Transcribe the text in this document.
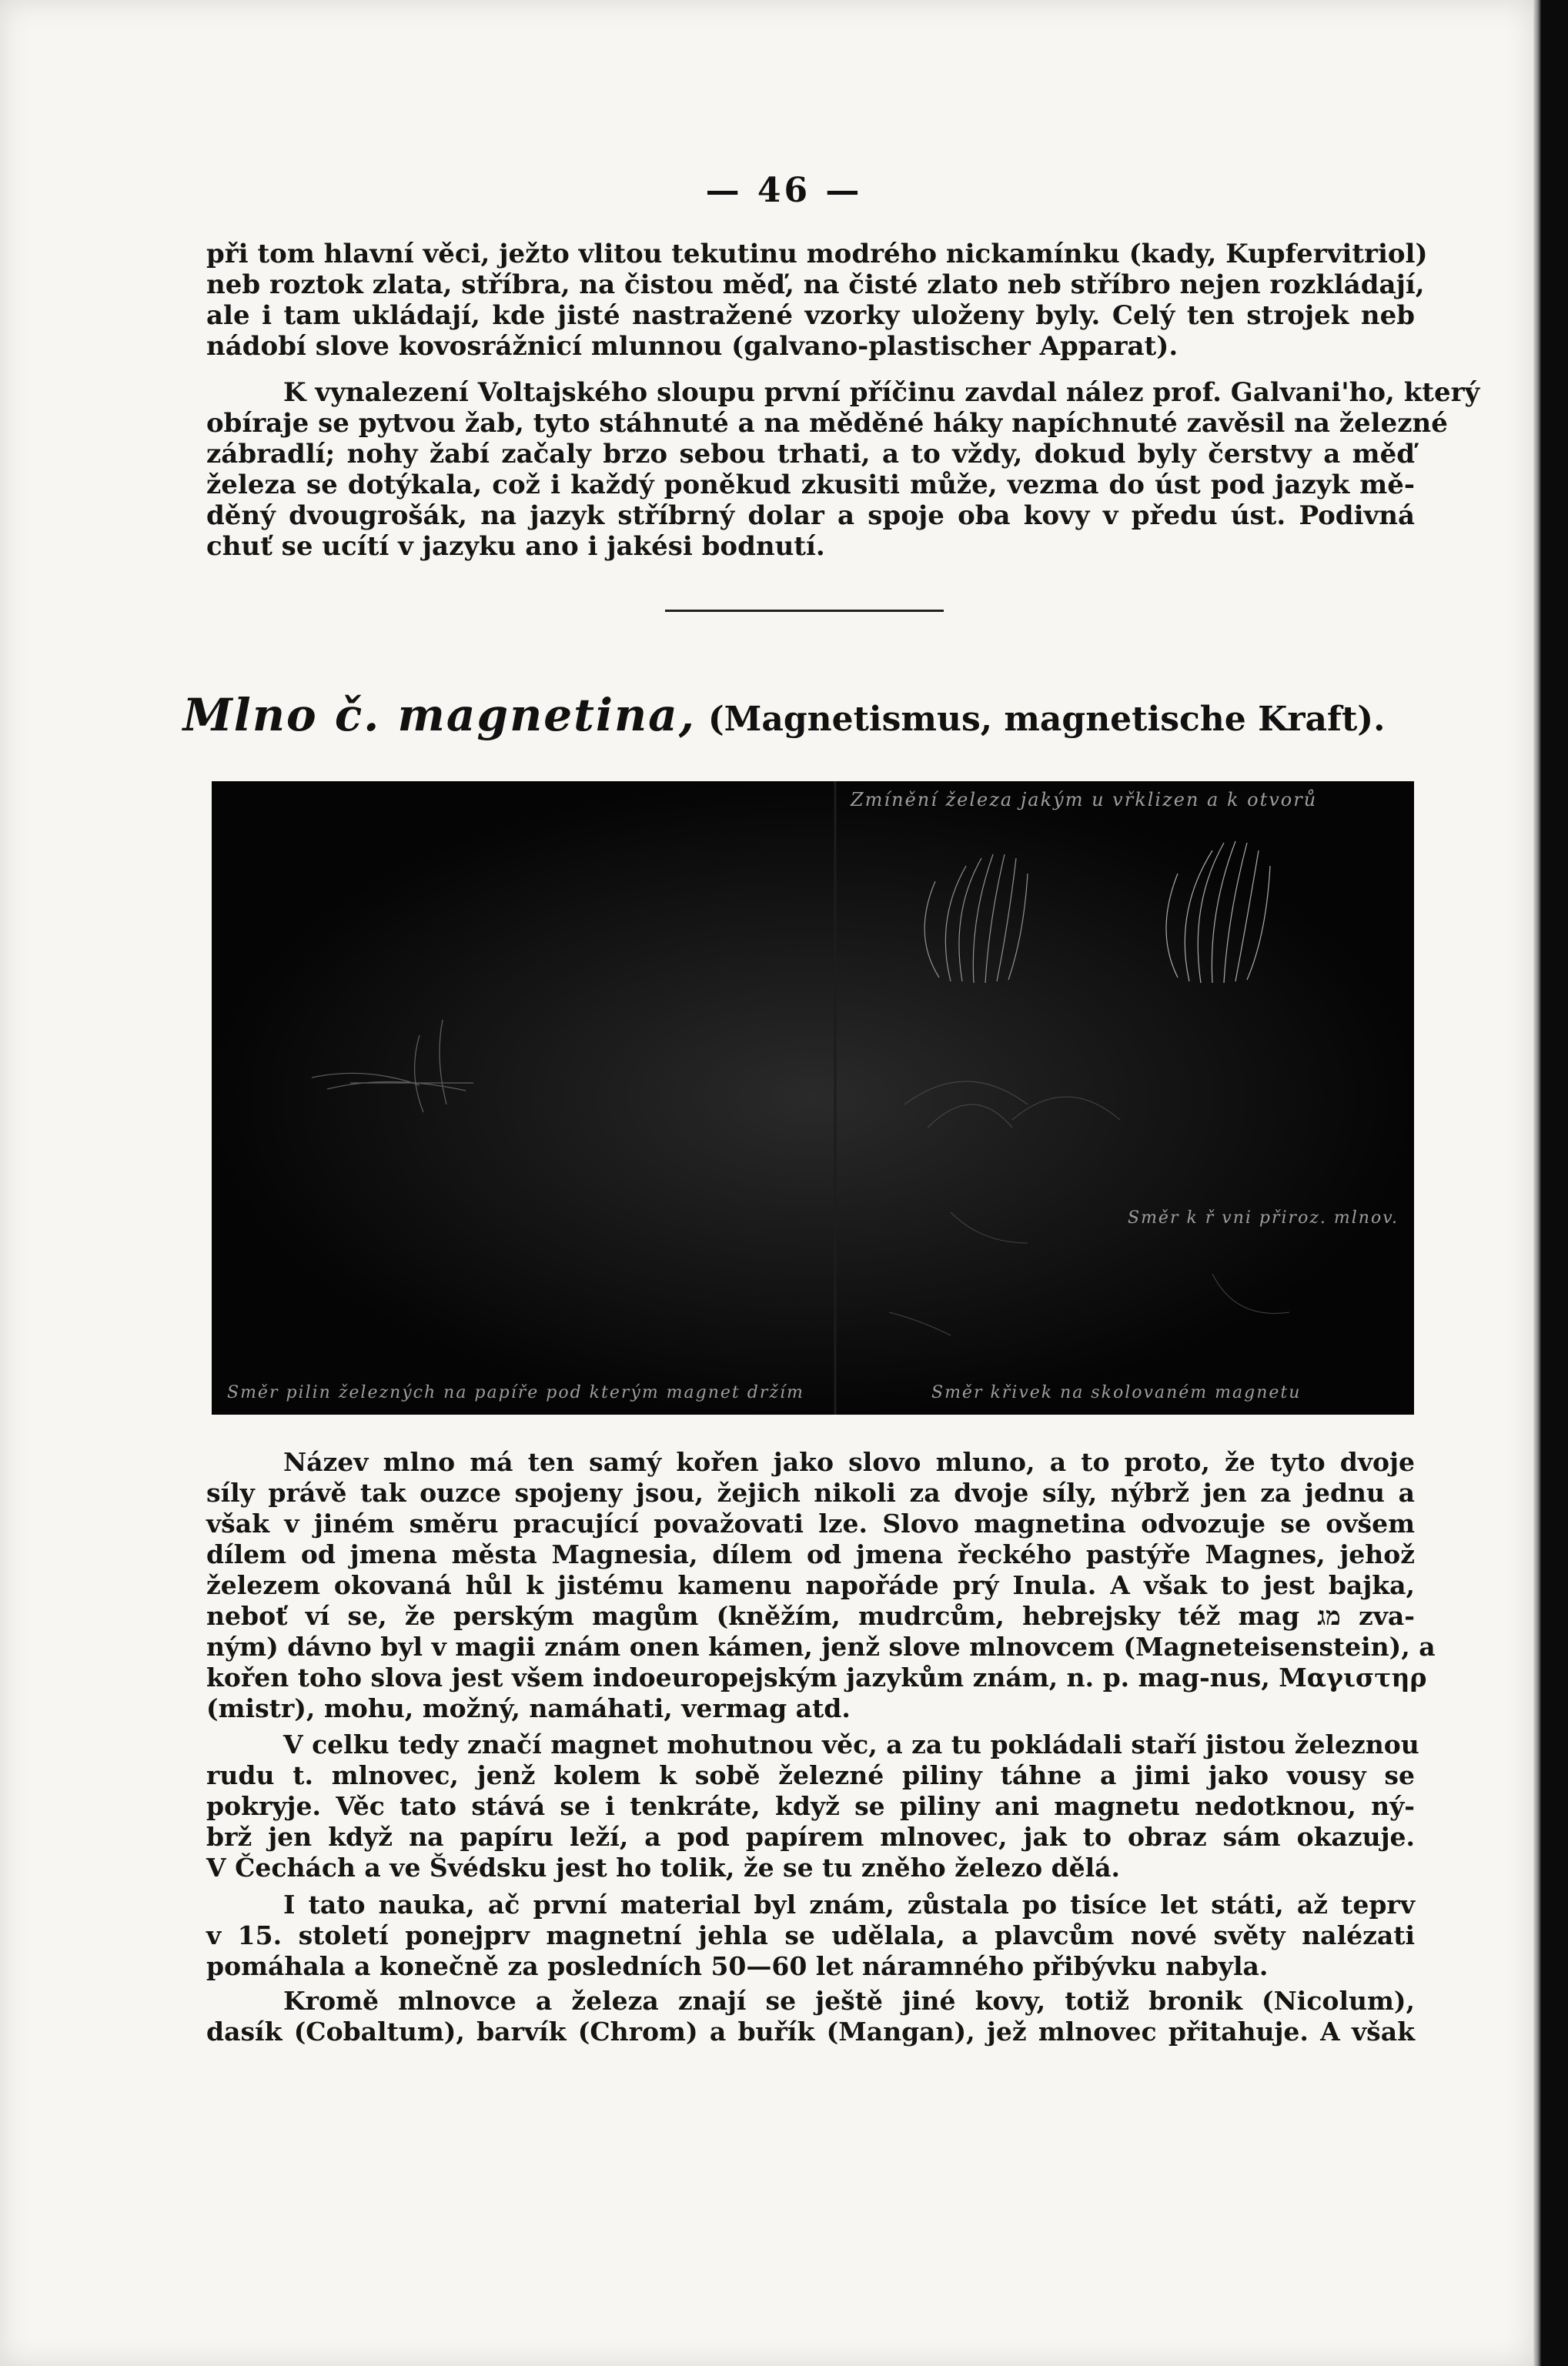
— 46 —
při tom hlavní věci, ježto vlitou tekutinu modrého nickamínku (kady, Kupfervitriol)
neb roztok zlata, stříbra, na čistou měď, na čisté zlato neb stříbro nejen rozkládají,
ale i tam ukládají, kde jisté nastražené vzorky uloženy byly. Celý ten strojek neb
nádobí slove kovosrážnicí mlunnou (galvano-plastischer Apparat).
K vynalezení Voltajského sloupu první příčinu zavdal nález prof. Galvani'ho, který
obíraje se pytvou žab, tyto stáhnuté a na měděné háky napíchnuté zavěsil na železné
zábradlí; nohy žabí začaly brzo sebou trhati, a to vždy, dokud byly čerstvy a měď
železa se dotýkala, což i každý poněkud zkusiti může, vezma do úst pod jazyk mě-
děný dvougrošák, na jazyk stříbrný dolar a spoje oba kovy v předu úst. Podivná
chuť se ucítí v jazyku ano i jakési bodnutí.
Mlno č. magnetina, (Magnetismus, magnetische Kraft).
Zmínění železa jakým u vřklizen a k otvorů
Směr k ř vni přiroz. mlnov.
Směr pilin železných na papíře pod kterým magnet držím	Směr křivek na skolovaném magnetu
Název mlno má ten samý kořen jako slovo mluno, a to proto, že tyto dvoje
síly právě tak ouzce spojeny jsou, žejich nikoli za dvoje síly, nýbrž jen za jednu a
však v jiném směru pracující považovati lze. Slovo magnetina odvozuje se ovšem
dílem od jmena města Magnesia, dílem od jmena řeckého pastýře Magnes, jehož
železem okovaná hůl k jistému kamenu napořáde prý Inula. A však to jest bajka,
neboť ví se, že perským magům (kněžím, mudrcům, hebrejsky též mag מג zva-
ným) dávno byl v magii znám onen kámen, jenž slove mlnovcem (Magneteisenstein), a
kořen toho slova jest všem indoeuropejským jazykům znám, n. p. mag-nus, Μαγιστηρ
(mistr), mohu, možný, namáhati, vermag atd.
V celku tedy značí magnet mohutnou věc, a za tu pokládali staří jistou železnou
rudu t. mlnovec, jenž kolem k sobě železné piliny táhne a jimi jako vousy se
pokryje. Věc tato stává se i tenkráte, když se piliny ani magnetu nedotknou, ný-
brž jen když na papíru leží, a pod papírem mlnovec, jak to obraz sám okazuje.
V Čechách a ve Švédsku jest ho tolik, že se tu zněho železo dělá.
I tato nauka, ač první material byl znám, zůstala po tisíce let státi, až teprv
v 15. století ponejprv magnetní jehla se udělala, a plavcům nové světy nalézati
pomáhala a konečně za posledních 50—60 let náramného přibývku nabyla.
Kromě mlnovce a železa znají se ještě jiné kovy, totiž bronik (Nicolum),
dasík (Cobaltum), barvík (Chrom) a buřík (Mangan), jež mlnovec přitahuje. A však
